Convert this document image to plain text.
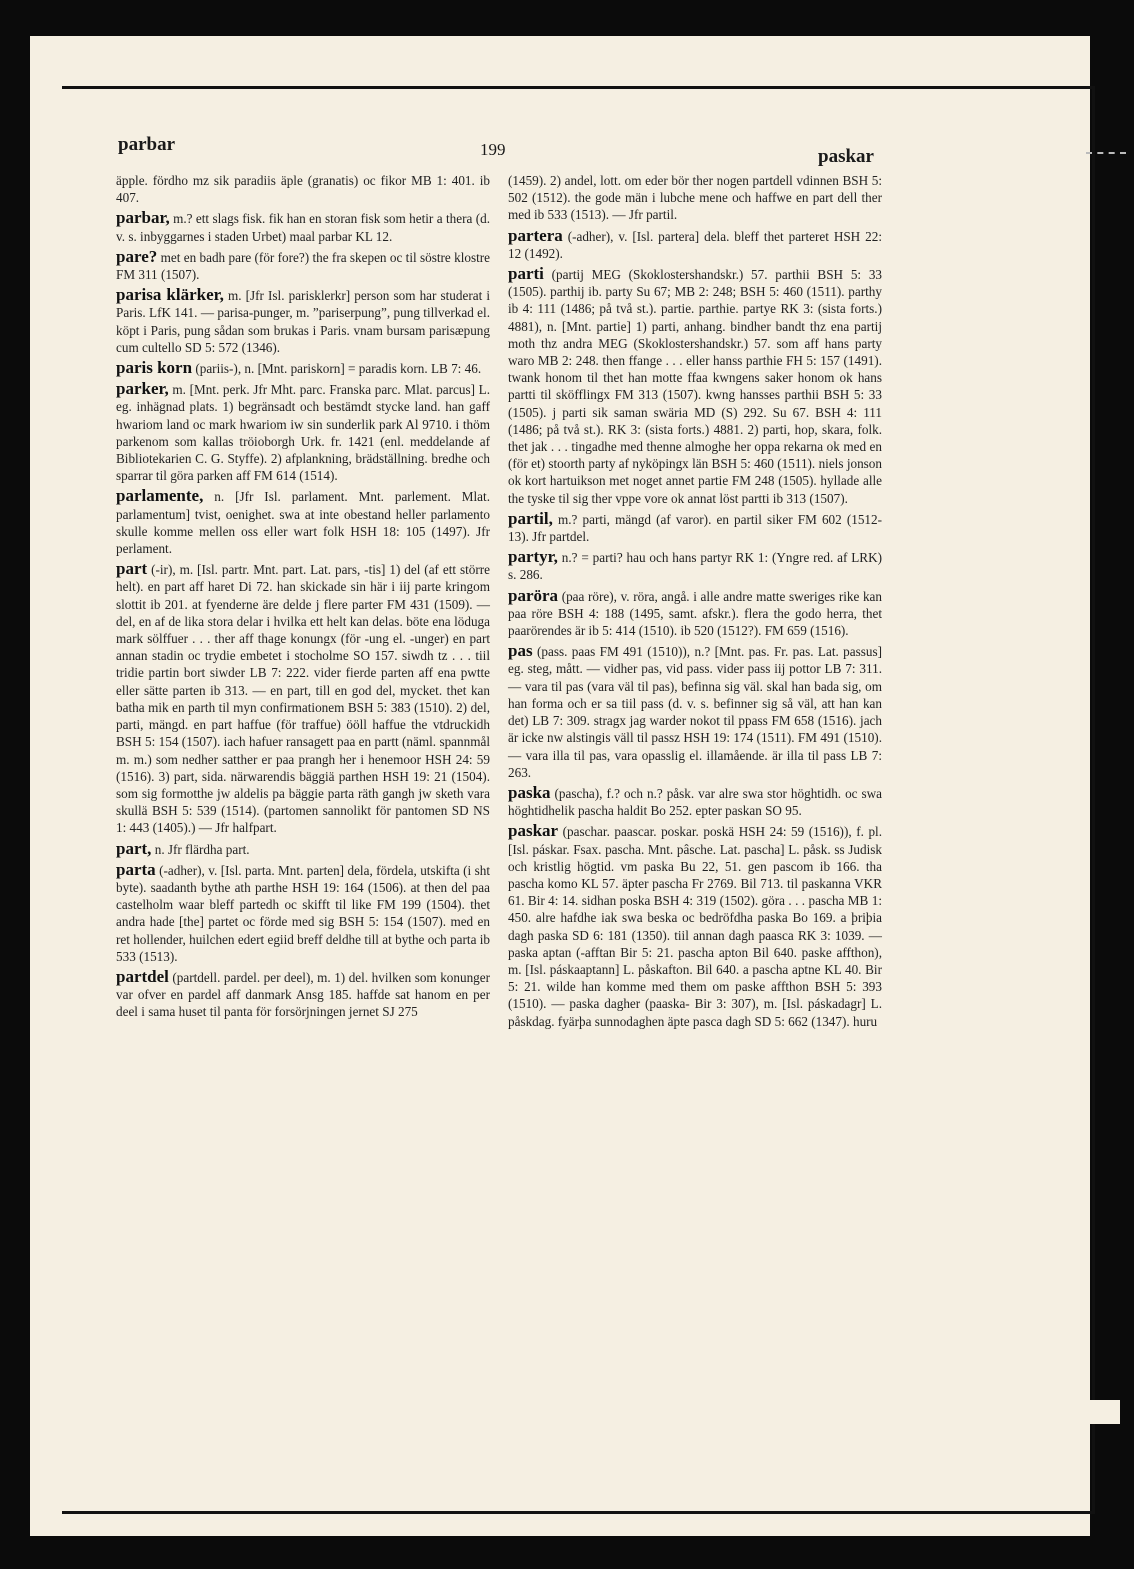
parbar	199	paskar
äpple. fördho mz sik paradiis äple (granatis) oc fikor MB 1: 401. ib 407.
parbar, m.? ett slags fisk. fik han en storan fisk som hetir a thera (d. v. s. inbyggarnes i staden Urbet) maal parbar KL 12.
pare? met en badh pare (för fore?) the fra skepen oc til söstre klostre FM 311 (1507).
parisa klärker, m. [Jfr Isl. parisklerkr] person som har studerat i Paris. LfK 141. — parisa-punger, m. ”pariserpung”, pung tillverkad el. köpt i Paris, pung sådan som brukas i Paris. vnam bursam parisæpung cum cultello SD 5: 572 (1346).
paris korn (pariis-), n. [Mnt. pariskorn] = paradis korn. LB 7: 46.
parker, m. [Mnt. perk. Jfr Mht. parc. Franska parc. Mlat. parcus] L. eg. inhägnad plats. 1) begränsadt och bestämdt stycke land. han gaff hwariom land oc mark hwariom iw sin sunderlik park Al 9710. i thöm parkenom som kallas tröioborgh Urk. fr. 1421 (enl. meddelande af Bibliotekarien C. G. Styffe). 2) afplankning, brädställning. bredhe och sparrar til göra parken aff FM 614 (1514).
parlamente, n. [Jfr Isl. parlament. Mnt. parlement. Mlat. parlamentum] tvist, oenighet. swa at inte obestand heller parlamento skulle komme mellen oss eller wart folk HSH 18: 105 (1497). Jfr perlament.
part (-ir), m. [Isl. partr. Mnt. part. Lat. pars, -tis] 1) del (af ett större helt). en part aff haret Di 72. han skickade sin här i iij parte kringom slottit ib 201. at fyenderne äre delde j flere parter FM 431 (1509). — del, en af de lika stora delar i hvilka ett helt kan delas. böte ena löduga mark sölffuer . . . ther aff thage konungx (för -ung el. -unger) en part annan stadin oc trydie embetet i stocholme SO 157. siwdh tz . . . tiil tridie partin bort siwder LB 7: 222. vider fierde parten aff ena pwtte eller sätte parten ib 313. — en part, till en god del, mycket. thet kan batha mik en parth til myn confirmationem BSH 5: 383 (1510). 2) del, parti, mängd. en part haffue (för traffue) ööll haffue the vtdruckidh BSH 5: 154 (1507). iach hafuer ransagett paa en partt (näml. spannmål m. m.) som nedher satther er paa prangh her i henemoor HSH 24: 59 (1516). 3) part, sida. närwarendis bäggiä parthen HSH 19: 21 (1504). som sig formotthe jw aldelis pa bäggie parta räth gangh jw sketh vara skullä BSH 5: 539 (1514). (partomen sannolikt för pantomen SD NS 1: 443 (1405).) — Jfr halfpart.
part, n. Jfr flärdha part.
parta (-adher), v. [Isl. parta. Mnt. parten] dela, fördela, utskifta (i sht byte). saadanth bythe ath parthe HSH 19: 164 (1506). at then del paa castelholm waar bleff partedh oc skifft til like FM 199 (1504). thet andra hade [the] partet oc förde med sig BSH 5: 154 (1507). med en ret hollender, huilchen edert egiid breff deldhe till at bythe och parta ib 533 (1513).
partdel (partdell. pardel. per deel), m. 1) del. hvilken som konunger var ofver en pardel aff danmark Ansg 185. haffde sat hanom en per deel i sama huset til panta för forsörjningen jernet SJ 275
(1459). 2) andel, lott. om eder bör ther nogen partdell vdinnen BSH 5: 502 (1512). the gode män i lubche mene och haffwe en part dell ther med ib 533 (1513). — Jfr partil.
partera (-adher), v. [Isl. partera] dela. bleff thet parteret HSH 22: 12 (1492).
parti (partij MEG (Skoklostershandskr.) 57. parthii BSH 5: 33 (1505). parthij ib. party Su 67; MB 2: 248; BSH 5: 460 (1511). parthy ib 4: 111 (1486; på två st.). partie. parthie. partye RK 3: (sista forts.) 4881), n. [Mnt. partie] 1) parti, anhang. bindher bandt thz ena partij moth thz andra MEG (Skoklostershandskr.) 57. som aff hans party waro MB 2: 248. then ffange . . . eller hanss parthie FH 5: 157 (1491). twank honom til thet han motte ffaa kwngens saker honom ok hans partti til sköfflingx FM 313 (1507). kwng hansses parthii BSH 5: 33 (1505). j parti sik saman swäria MD (S) 292. Su 67. BSH 4: 111 (1486; på två st.). RK 3: (sista forts.) 4881. 2) parti, hop, skara, folk. thet jak . . . tingadhe med thenne almoghe her oppa rekarna ok med en (för et) stoorth party af nyköpingx län BSH 5: 460 (1511). niels jonson ok kort hartuikson met noget annet partie FM 248 (1505). hyllade alle the tyske til sig ther vppe vore ok annat löst partti ib 313 (1507).
partil, m.? parti, mängd (af varor). en partil siker FM 602 (1512-13). Jfr partdel.
partyr, n.? = parti? hau och hans partyr RK 1: (Yngre red. af LRK) s. 286.
paröra (paa röre), v. röra, angå. i alle andre matte sweriges rike kan paa röre BSH 4: 188 (1495, samt. afskr.). flera the godo herra, thet paarörendes är ib 5: 414 (1510). ib 520 (1512?). FM 659 (1516).
pas (pass. paas FM 491 (1510)), n.? [Mnt. pas. Fr. pas. Lat. passus] eg. steg, mått. — vidher pas, vid pass. vider pass iij pottor LB 7: 311. — vara til pas (vara väl til pas), befinna sig väl. skal han bada sig, om han forma och er sa tiil pass (d. v. s. befinner sig så väl, att han kan det) LB 7: 309. stragx jag warder nokot til ppass FM 658 (1516). jach är icke nw alstingis väll til passz HSH 19: 174 (1511). FM 491 (1510). — vara illa til pas, vara opasslig el. illamående. är illa til pass LB 7: 263.
paska (pascha), f.? och n.? påsk. var alre swa stor höghtidh. oc swa höghtidhelik pascha haldit Bo 252. epter paskan SO 95.
paskar (paschar. paascar. poskar. poskä HSH 24: 59 (1516)), f. pl. [Isl. páskar. Fsax. pascha. Mnt. pâsche. Lat. pascha] L. påsk. ss Judisk och kristlig högtid. vm paska Bu 22, 51. gen pascom ib 166. tha pascha komo KL 57. äpter pascha Fr 2769. Bil 713. til paskanna VKR 61. Bir 4: 14. sidhan poska BSH 4: 319 (1502). göra . . . pascha MB 1: 450. alre hafdhe iak swa beska oc bedröfdha paska Bo 169. a þriþia dagh paska SD 6: 181 (1350). tiil annan dagh paasca RK 3: 1039. — paska aptan (-afftan Bir 5: 21. pascha apton Bil 640. paske affthon), m. [Isl. páskaaptann] L. påskafton. Bil 640. a pascha aptne KL 40. Bir 5: 21. wilde han komme med them om paske affthon BSH 5: 393 (1510). — paska dagher (paaska- Bir 3: 307), m. [Isl. páskadagr] L. påskdag. fyärþa sunnodaghen äpte pasca dagh SD 5: 662 (1347). huru
